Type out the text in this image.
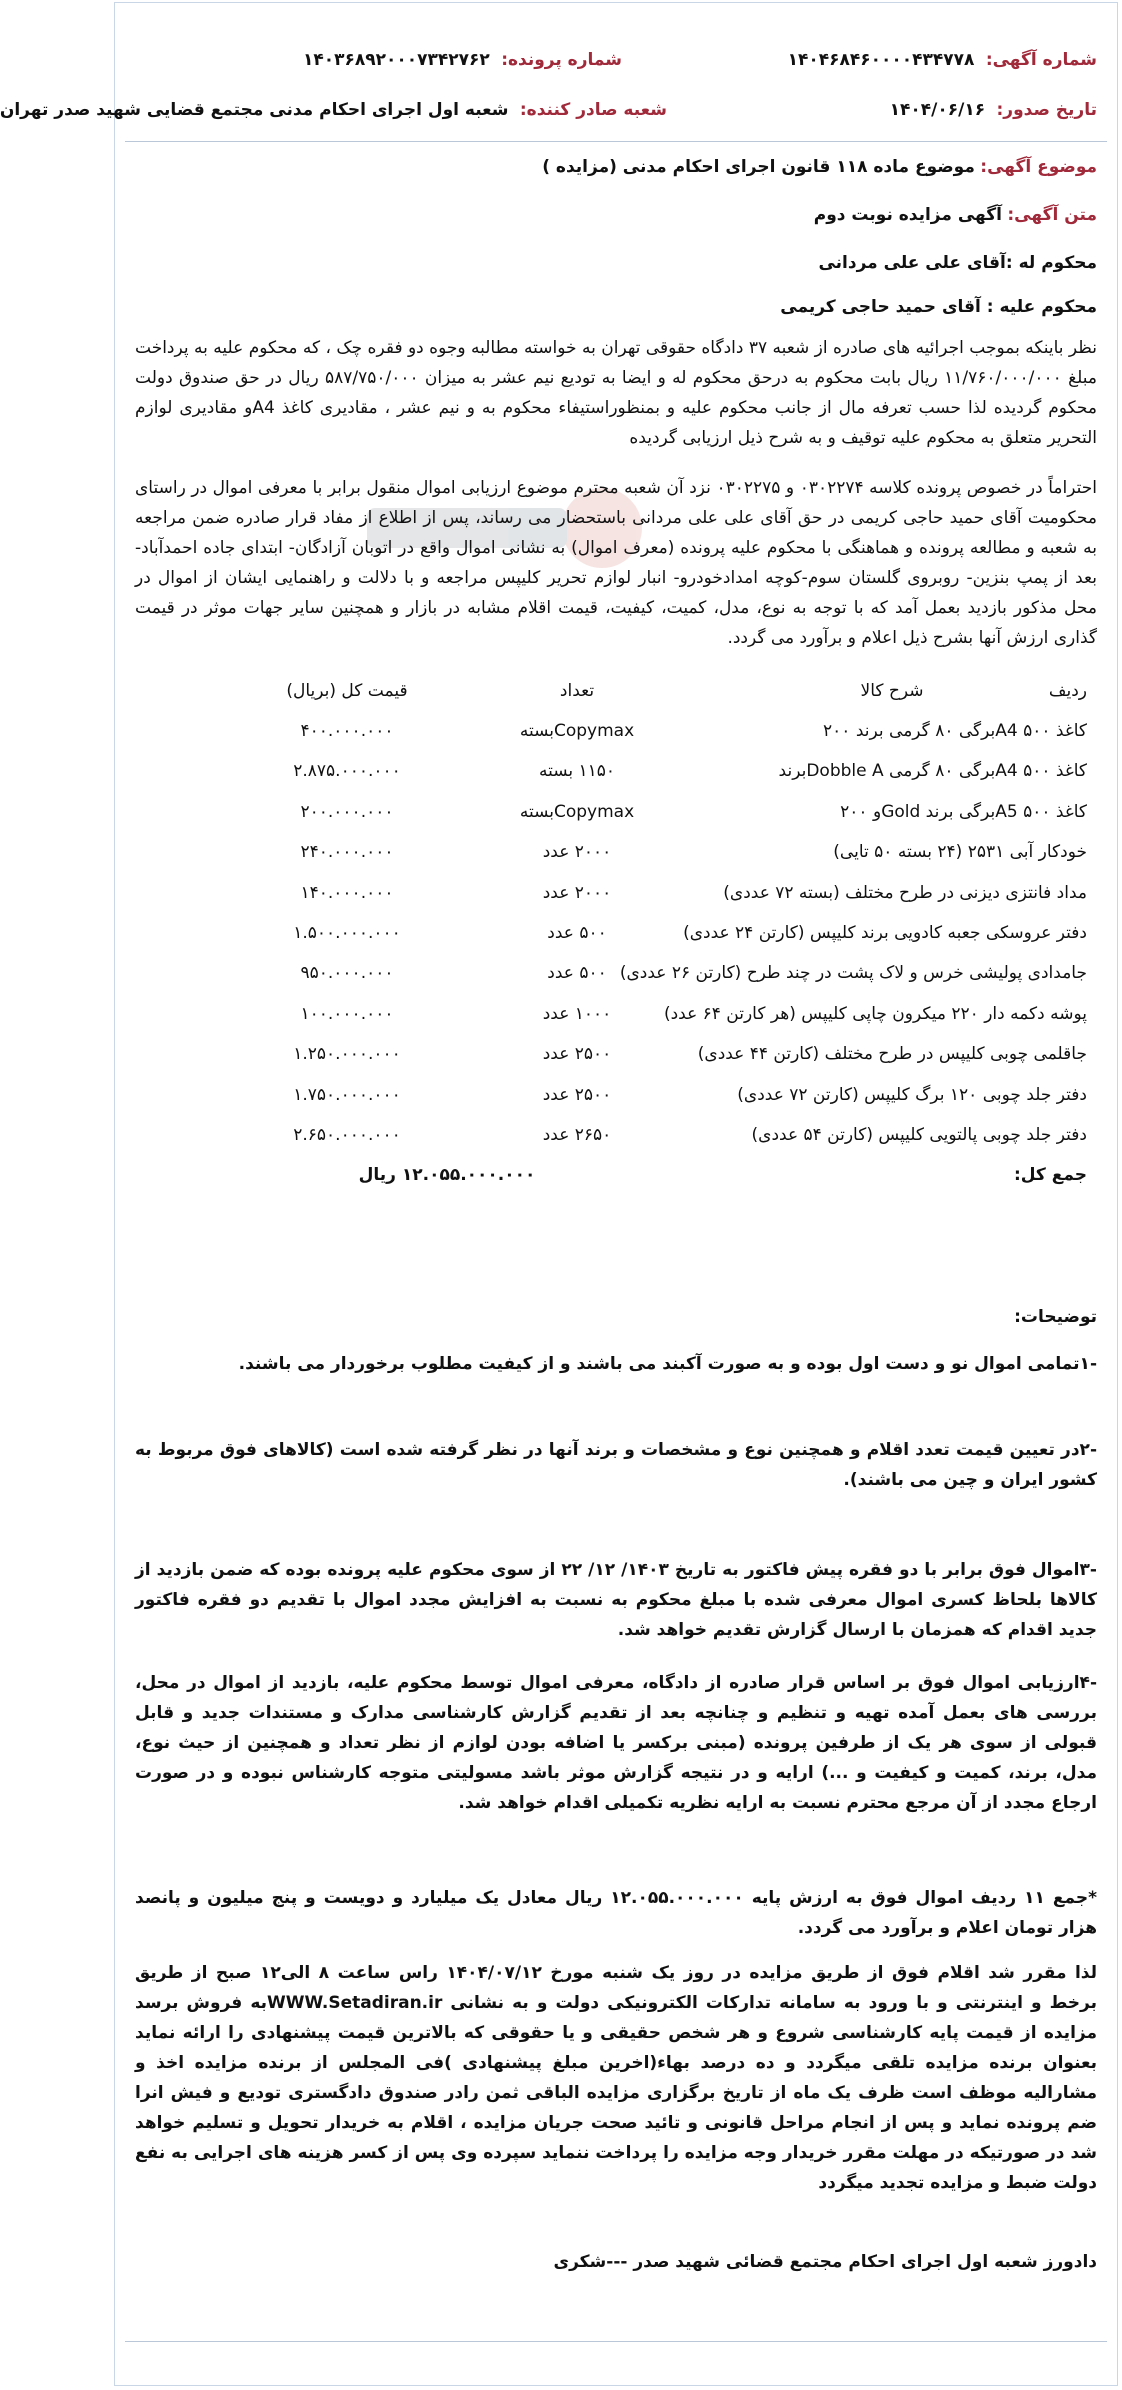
شماره آگهی: ۱۴۰۴۶۸۴۶۰۰۰۰۴۳۴۷۷۸
شماره پرونده: ۱۴۰۳۶۸۹۲۰۰۰۷۳۴۲۷۶۲
تاریخ صدور: ۱۴۰۴/۰۶/۱۶
شعبه صادر کننده: شعبه اول اجرای احکام مدنی مجتمع قضایی شهید صدر تهران
موضوع آگهی: موضوع ماده ۱۱۸ قانون اجرای احکام مدنی (مزایده )
متن آگهی: آگهی مزایده نوبت دوم
محکوم له :آقای علی علی مردانی
محکوم علیه : آقای حمید حاجی کریمی
نظر باینکه بموجب اجرائیه های صادره از شعبه ۳۷ دادگاه حقوقی تهران به خواسته مطالبه وجوه دو فقره چک ، که محکوم علیه به پرداخت مبلغ ۱۱/۷۶۰/۰۰۰/۰۰۰ ریال بابت محکوم به درحق محکوم له و ایضا به تودیع نیم عشر به میزان ۵۸۷/۷۵۰/۰۰۰ ریال در حق صندوق دولت محکوم گردیده لذا حسب تعرفه مال از جانب محکوم علیه و بمنظوراستیفاء محکوم به و نیم عشر ، مقادیری کاغذ A4و مقادیری لوازم التحریر متعلق به محکوم علیه توقیف و به شرح ذیل ارزیابی گردیده
احتراماً در خصوص پرونده کلاسه ۰۳۰۲۲۷۴ و ۰۳۰۲۲۷۵ نزد آن شعبه محترم موضوع ارزیابی اموال منقول برابر با معرفی اموال در راستای محکومیت آقای حمید حاجی کریمی در حق آقای علی علی مردانی باستحضار می رساند، پس از اطلاع از مفاد قرار صادره ضمن مراجعه به شعبه و مطالعه پرونده و هماهنگی با محکوم علیه پرونده (معرف اموال) به نشانی اموال واقع در اتوبان آزادگان- ابتدای جاده احمدآباد- بعد از پمپ بنزین- روبروی گلستان سوم-کوچه امدادخودرو- انبار لوازم تحریر کلیپس مراجعه و با دلالت و راهنمایی ایشان از اموال در محل مذکور بازدید بعمل آمد که با توجه به نوع، مدل، کمیت، کیفیت، قیمت اقلام مشابه در بازار و همچنین سایر جهات موثر در قیمت گذاری ارزش آنها بشرح ذیل اعلام و برآورد می گردد.
ردیف شرح کالا
تعداد
قیمت کل (بریال)
کاغذ ۵۰۰ A4برگی ۸۰ گرمی برند ۲۰۰
Copymaxبسته
۴۰۰.۰۰۰.۰۰۰
کاغذ ۵۰۰ A4برگی ۸۰ گرمی Dobble Aبرند
۱۱۵۰ بسته
۲.۸۷۵.۰۰۰.۰۰۰
کاغذ ۵۰۰ A5برگی برند Goldو ۲۰۰
Copymaxبسته
۲۰۰.۰۰۰.۰۰۰
خودکار آبی ۲۵۳۱ (۲۴ بسته ۵۰ تایی)
۲۰۰۰ عدد
۲۴۰.۰۰۰.۰۰۰
مداد فانتزی دیزنی در طرح مختلف (بسته ۷۲ عددی)
۲۰۰۰ عدد
۱۴۰.۰۰۰.۰۰۰
دفتر عروسکی جعبه کادویی برند کلیپس (کارتن ۲۴ عددی)
۵۰۰ عدد
۱.۵۰۰.۰۰۰.۰۰۰
جامدادی پولیشی خرس و لاک پشت در چند طرح (کارتن ۲۶ عددی)
۵۰۰ عدد
۹۵۰.۰۰۰.۰۰۰
پوشه دکمه دار ۲۲۰ میکرون چاپی کلیپس (هر کارتن ۶۴ عدد)
۱۰۰۰ عدد
۱۰۰.۰۰۰.۰۰۰
جاقلمی چوبی کلیپس در طرح مختلف (کارتن ۴۴ عددی)
۲۵۰۰ عدد
۱.۲۵۰.۰۰۰.۰۰۰
دفتر جلد چوبی ۱۲۰ برگ کلیپس (کارتن ۷۲ عددی)
۲۵۰۰ عدد
۱.۷۵۰.۰۰۰.۰۰۰
دفتر جلد چوبی پالتویی کلیپس (کارتن ۵۴ عددی)
۲۶۵۰ عدد
۲.۶۵۰.۰۰۰.۰۰۰
جمع کل:
۱۲.۰۵۵.۰۰۰.۰۰۰ ریال
توضیحات:
-۱تمامی اموال نو و دست اول بوده و به صورت آکبند می باشند و از کیفیت مطلوب برخوردار می باشند.
-۲در تعیین قیمت تعدد اقلام و همچنین نوع و مشخصات و برند آنها در نظر گرفته شده است (کالاهای فوق مربوط به کشور ایران و چین می باشند).
-۳اموال فوق برابر با دو فقره پیش فاکتور به تاریخ ۱۴۰۳/ ۱۲/ ۲۲ از سوی محکوم علیه پرونده بوده که ضمن بازدید از کالاها بلحاظ کسری اموال معرفی شده با مبلغ محکوم به نسبت به افزایش مجدد اموال با تقدیم دو فقره فاکتور جدید اقدام که همزمان با ارسال گزارش تقدیم خواهد شد.
-۴ارزیابی اموال فوق بر اساس قرار صادره از دادگاه، معرفی اموال توسط محکوم علیه، بازدید از اموال در محل، بررسی های بعمل آمده تهیه و تنظیم و چنانچه بعد از تقدیم گزارش کارشناسی مدارک و مستندات جدید و قابل قبولی از سوی هر یک از طرفین پرونده (مبنی برکسر یا اضافه بودن لوازم از نظر تعداد و همچنین از حیث نوع، مدل، برند، کمیت و کیفیت و ...) ارایه و در نتیجه گزارش موثر باشد مسولیتی متوجه کارشناس نبوده و در صورت ارجاع مجدد از آن مرجع محترم نسبت به ارایه نظریه تکمیلی اقدام خواهد شد.
*جمع ۱۱ ردیف اموال فوق به ارزش پایه ۱۲.۰۵۵.۰۰۰.۰۰۰ ریال معادل یک میلیارد و دویست و پنج میلیون و پانصد هزار تومان اعلام و برآورد می گردد.
لذا مقرر شد اقلام فوق از طریق مزایده در روز یک شنبه مورخ ۱۴۰۴/۰۷/۱۲ راس ساعت ۸ الی۱۲ صبح از طریق برخط و اینترنتی و با ورود به سامانه تدارکات الکترونیکی دولت و به نشانی WWW.Setadiran.irبه فروش برسد مزایده از قیمت پایه کارشناسی شروع و هر شخص حقیقی و یا حقوقی که بالاترین قیمت پیشنهادی را ارائه نماید بعنوان برنده مزایده تلقی میگردد و ده درصد بهاء(اخرین مبلغ پیشنهادی )فی المجلس از برنده مزایده اخذ و مشارالیه موظف است ظرف یک ماه از تاریخ برگزاری مزایده الباقی ثمن رادر صندوق دادگستری تودیع و فیش انرا ضم پرونده نماید و پس از انجام مراحل قانونی و تائید صحت جریان مزایده ، اقلام به خریدار تحویل و تسلیم خواهد شد در صورتیکه در مهلت مقرر خریدار وجه مزایده را پرداخت ننماید سپرده وی پس از کسر هزینه های اجرایی به نفع دولت ضبط و مزایده تجدید میگردد
دادورز شعبه اول اجرای احکام مجتمع قضائی شهید صدر ---شکری
